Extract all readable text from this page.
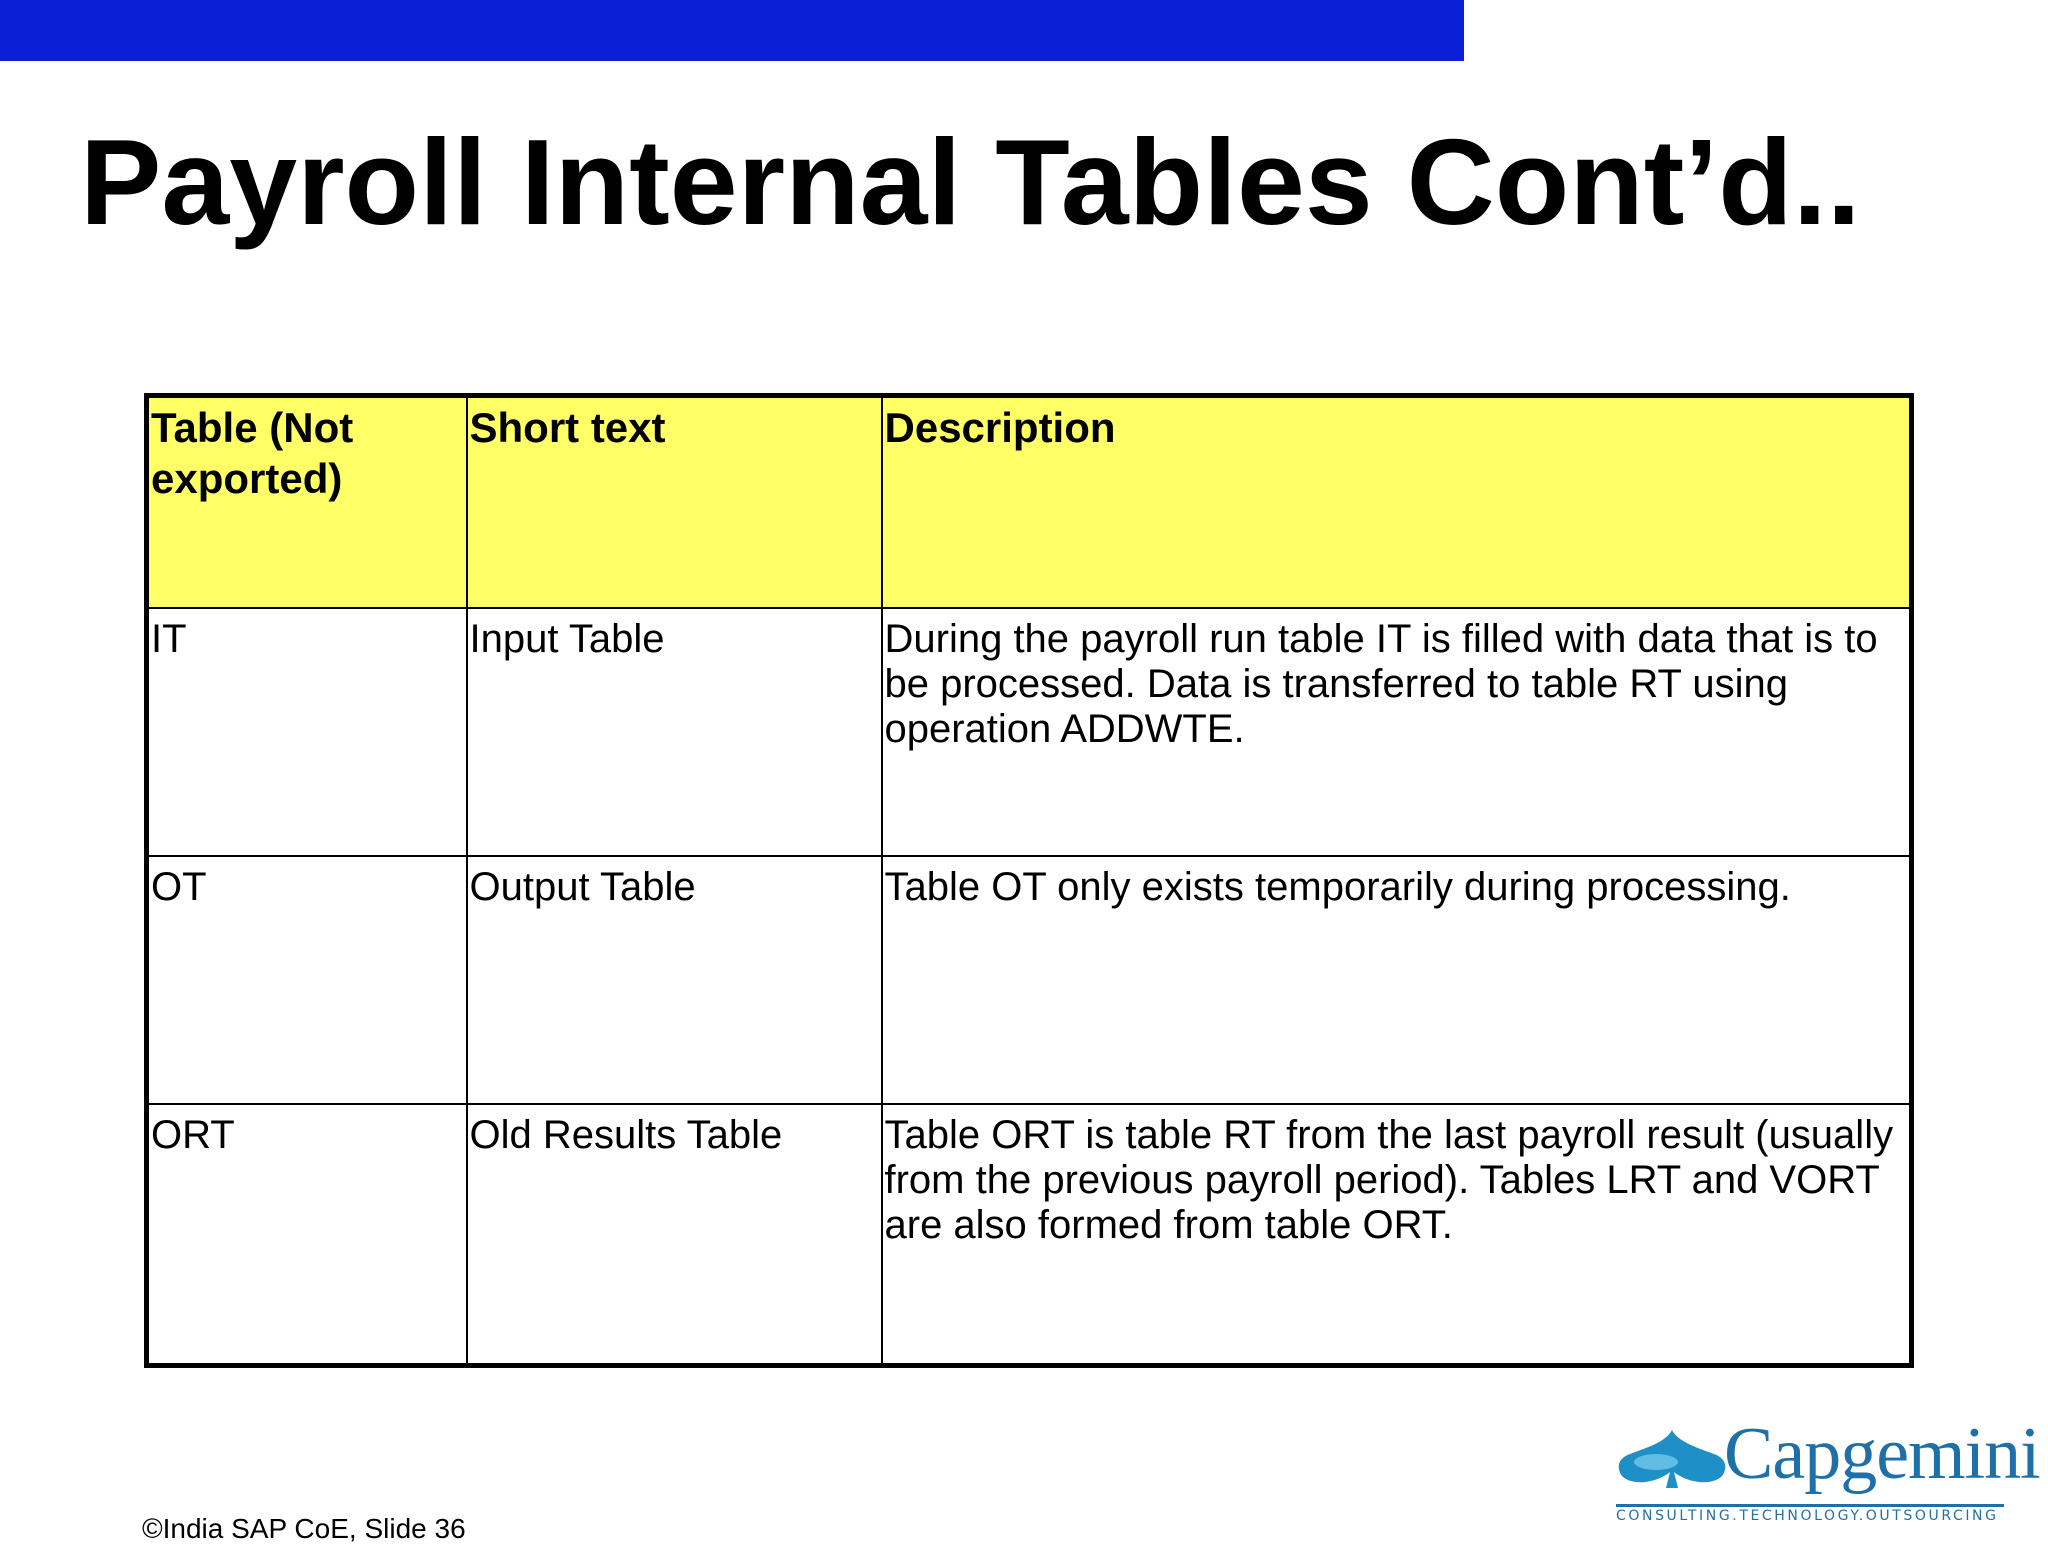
Payroll Internal Tables Cont’d..
Table (Not exported)	Short text	Description
IT	Input Table	During the payroll run table IT is filled with data that is to be processed. Data is transferred to table RT using operation ADDWTE.
OT	Output Table	Table OT only exists temporarily during processing.
ORT	Old Results Table	Table ORT is table RT from the last payroll result (usually from the previous payroll period). Tables LRT and VORT are also formed from table ORT.
©India SAP CoE, Slide 36
Capgemini
CONSULTING.TECHNOLOGY.OUTSOURCING
